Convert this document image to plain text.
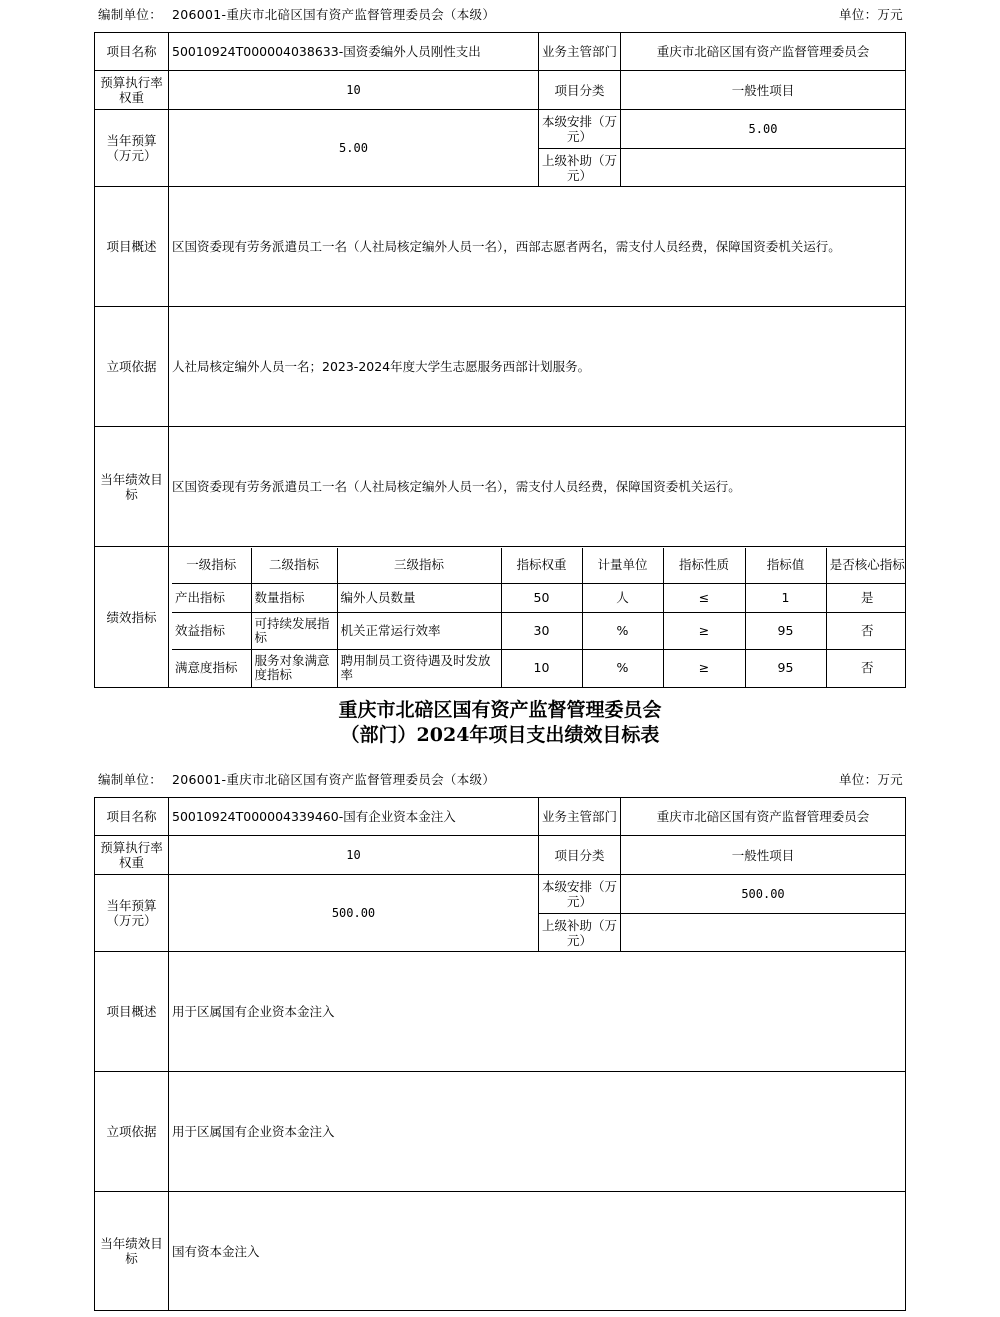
编制单位： 206001-重庆市北碚区国有资产监督管理委员会（本级）	单位：万元
项目名称	50010924T000004038633-国资委编外人员刚性支出	业务主管部门	重庆市北碚区国有资产监督管理委员会
预算执行率权重	10	项目分类	一般性项目
当年预算（万元）	5.00	本级安排（万元）	5.00
上级补助（万元）	
项目概述	区国资委现有劳务派遣员工一名（人社局核定编外人员一名），西部志愿者两名，需支付人员经费，保障国资委机关运行。
立项依据	人社局核定编外人员一名；2023-2024年度大学生志愿服务西部计划服务。
当年绩效目标	区国资委现有劳务派遣员工一名（人社局核定编外人员一名），需支付人员经费，保障国资委机关运行。
绩效指标	
一级指标	二级指标	三级指标	指标权重	计量单位	指标性质	指标值	是否核心指标
产出指标	数量指标	编外人员数量	50	人	≤	1	是
效益指标	可持续发展指标	机关正常运行效率	30	%	≥	95	否
满意度指标	服务对象满意度指标	聘用制员工资待遇及时发放率	10	%	≥	95	否
重庆市北碚区国有资产监督管理委员会
（部门）2024年项目支出绩效目标表
编制单位： 206001-重庆市北碚区国有资产监督管理委员会（本级）	单位：万元
项目名称	50010924T000004339460-国有企业资本金注入	业务主管部门	重庆市北碚区国有资产监督管理委员会
预算执行率权重	10	项目分类	一般性项目
当年预算（万元）	500.00	本级安排（万元）	500.00
		上级补助（万元）	
项目概述	用于区属国有企业资本金注入		
立项依据	用于区属国有企业资本金注入		
当年绩效目标	国有资本金注入		
